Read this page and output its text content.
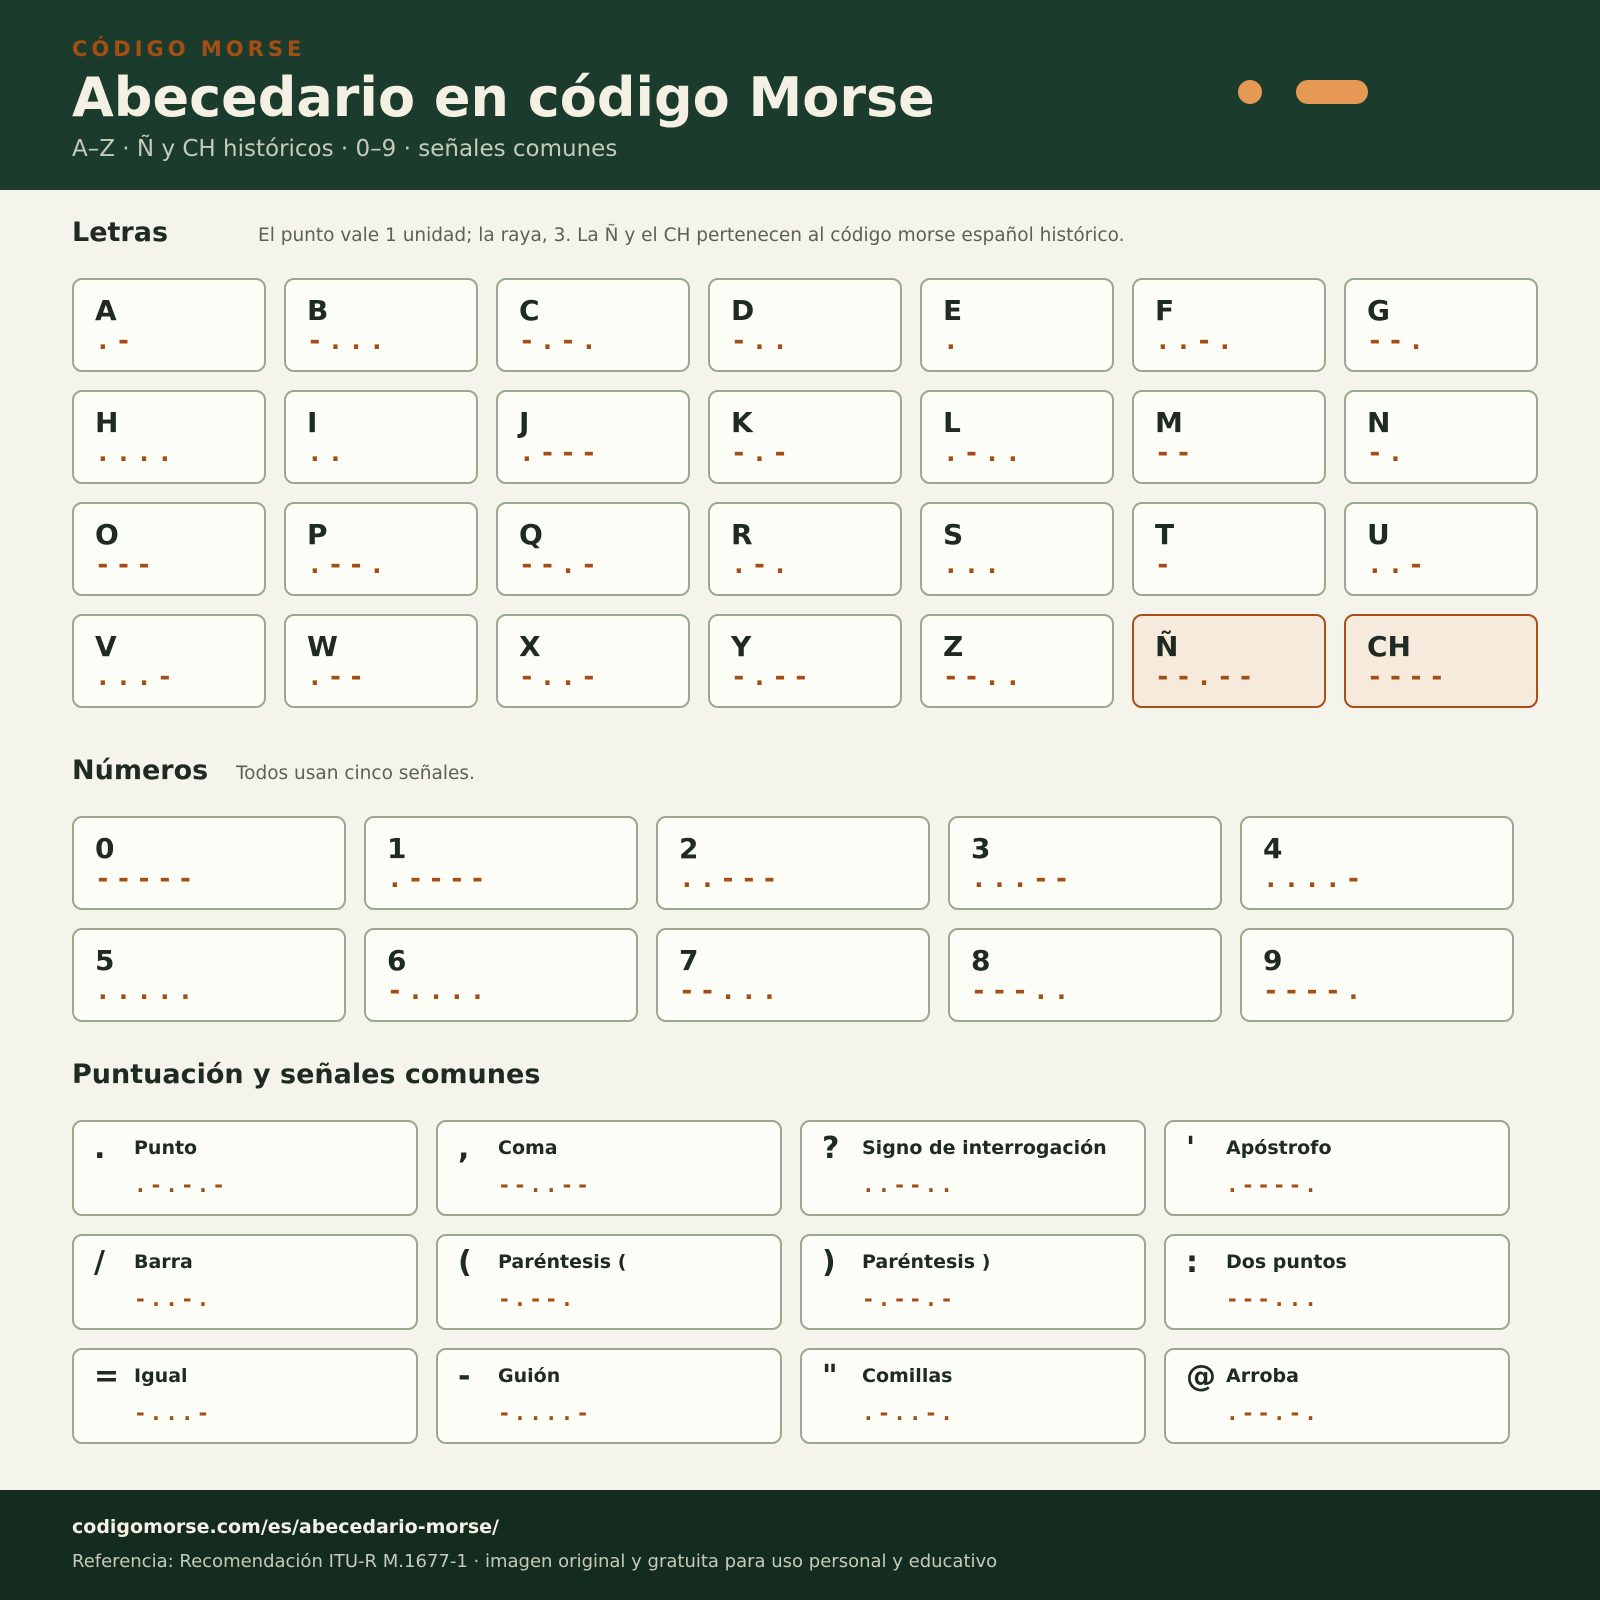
CÓDIGO MORSE
Abecedario en código Morse
A–Z · Ñ y CH históricos · 0–9 · señales comunes
Letras	El punto vale 1 unidad; la raya, 3. La Ñ y el CH pertenecen al código morse español histórico.
A
.-
B
-...
C
-.-.
D
-..
E
.
F
..-.
G
--.
H
....
I
..
J
.---
K
-.-
L
.-..
M
--
N
-.
O
---
P
.--.
Q
--.-
R
.-.
S
...
T
-
U
..-
V
...-
W
.--
X
-..-
Y
-.--
Z
--..
Ñ
--.--
CH
----
Números Todos usan cinco señales.
0
-----
1
.----
2
..---
3
...--
4
....-
5
.....
6
-....
7
--...
8
---..
9
----.
Puntuación y señales comunes
.	Punto
.-.-.-
,	Coma
--..--
?	Signo de interrogación
..--..
'	Apóstrofo
.----.
/	Barra
-..-.
(	Paréntesis (
-.--.
)	Paréntesis )
-.--.-
:	Dos puntos
---...
= Igual
-...-
-	Guión
-....-
"	Comillas
.-..-.
@ Arroba
.--.-.
codigomorse.com/es/abecedario-morse/
Referencia: Recomendación ITU-R M.1677-1 · imagen original y gratuita para uso personal y educativo
